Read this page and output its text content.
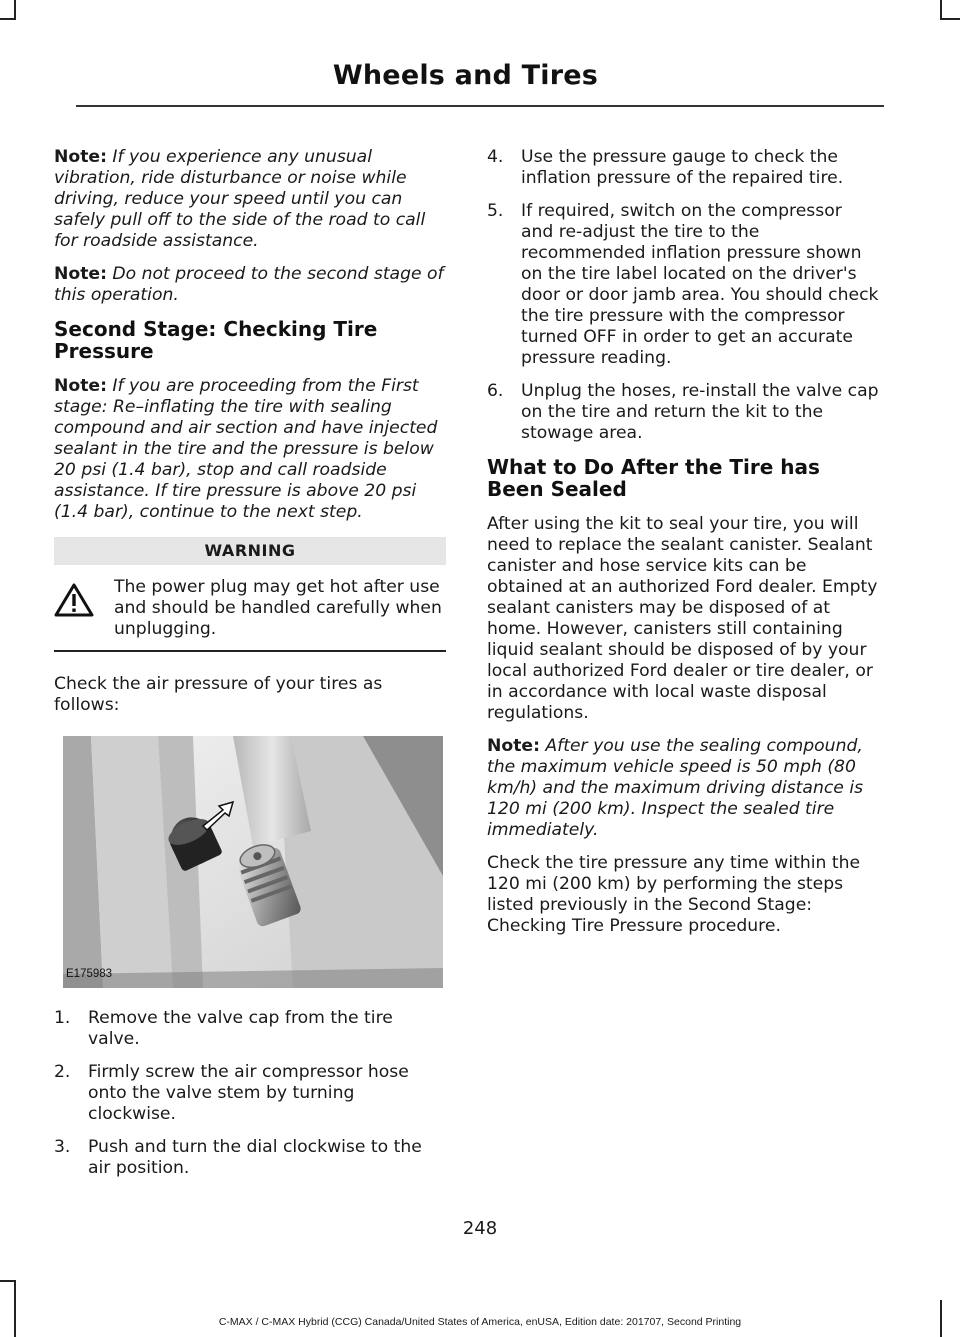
Wheels and Tires

Note: If you experience any unusual vibration, ride disturbance or noise while driving, reduce your speed until you can safely pull off to the side of the road to call for roadside assistance.

Note: Do not proceed to the second stage of this operation.

Second Stage: Checking Tire Pressure

Note: If you are proceeding from the First stage: Re–inflating the tire with sealing compound and air section and have injected sealant in the tire and the pressure is below 20 psi (1.4 bar), stop and call roadside assistance. If tire pressure is above 20 psi (1.4 bar), continue to the next step.

WARNING
The power plug may get hot after use and should be handled carefully when unplugging.

Check the air pressure of your tires as follows:

E175983
1.	Remove the valve cap from the tire valve.
2.	Firmly screw the air compressor hose onto the valve stem by turning clockwise.
3.	Push and turn the dial clockwise to the air position.
4.	Use the pressure gauge to check the inflation pressure of the repaired tire.
5.	If required, switch on the compressor and re-adjust the tire to the recommended inflation pressure shown on the tire label located on the driver's door or door jamb area. You should check the tire pressure with the compressor turned OFF in order to get an accurate pressure reading.
6.	Unplug the hoses, re-install the valve cap on the tire and return the kit to the stowage area.
What to Do After the Tire has Been Sealed

After using the kit to seal your tire, you will need to replace the sealant canister. Sealant canister and hose service kits can be obtained at an authorized Ford dealer. Empty sealant canisters may be disposed of at home. However, canisters still containing liquid sealant should be disposed of by your local authorized Ford dealer or tire dealer, or in accordance with local waste disposal regulations.

Note: After you use the sealing compound, the maximum vehicle speed is 50 mph (80 km/h) and the maximum driving distance is 120 mi (200 km). Inspect the sealed tire immediately.

Check the tire pressure any time within the 120 mi (200 km) by performing the steps listed previously in the Second Stage: Checking Tire Pressure procedure.

248
C-MAX / C-MAX Hybrid (CCG) Canada/United States of America, enUSA, Edition date: 201707, Second Printing
